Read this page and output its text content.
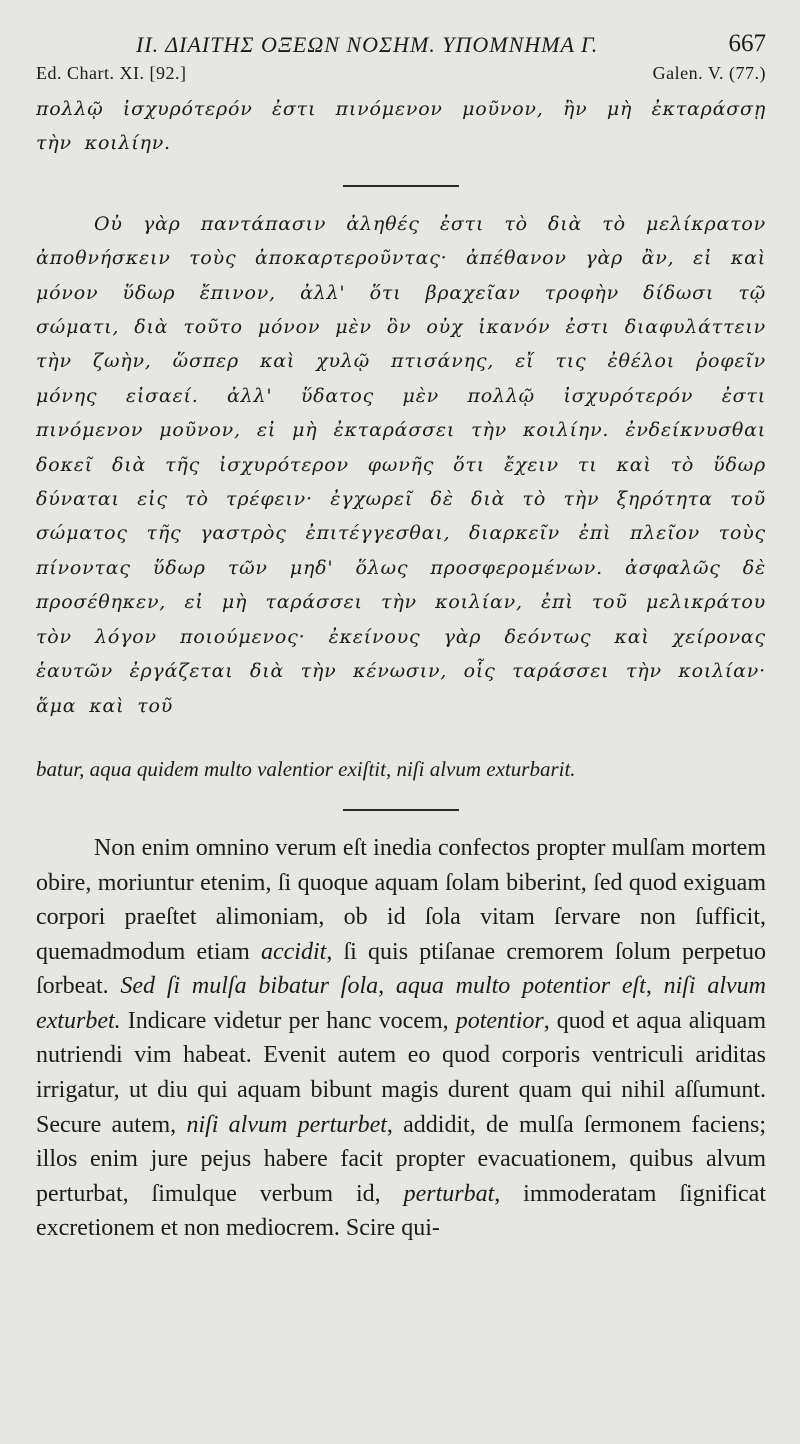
ΙΙ. ΔΙΑΙΤΗΣ ΟΞΕΩΝ ΝΟΣΗΜ. ΥΠΟΜΝΗΜΑ Γ.	667
Ed. Chart. XI. [92.]	Galen. V. (77.)

πολλῷ ἰσχυρότερόν ἐστι πινόμενον μοῦνον, ἢν μὴ ἐκταράσσῃ τὴν κοιλίην.

Οὐ γὰρ παντάπασιν ἀληθές ἐστι τὸ διὰ τὸ μελίκρατον ἀποθνήσκειν τοὺς ἀποκαρτεροῦντας· ἀπέθανον γὰρ ἂν, εἰ καὶ μόνον ὕδωρ ἔπινον, ἀλλ' ὅτι βραχεῖαν τροφὴν δίδωσι τῷ σώματι, διὰ τοῦτο μόνον μὲν ὃν οὐχ ἱκανόν ἐστι διαφυλάττειν τὴν ζωὴν, ὥσπερ καὶ χυλῷ πτισάνης, εἴ τις ἐθέλοι ῥοφεῖν μόνης εἰσαεί. ἀλλ' ὕδατος μὲν πολλῷ ἰσχυρότερόν ἐστι πινόμενον μοῦνον, εἰ μὴ ἐκταράσσει τὴν κοιλίην. ἐνδείκνυσθαι δοκεῖ διὰ τῆς ἰσχυρότερον φωνῆς ὅτι ἔχειν τι καὶ τὸ ὕδωρ δύναται εἰς τὸ τρέφειν· ἐγχωρεῖ δὲ διὰ τὸ τὴν ξηρότητα τοῦ σώματος τῆς γαστρὸς ἐπιτέγγεσθαι, διαρκεῖν ἐπὶ πλεῖον τοὺς πίνοντας ὕδωρ τῶν μηδ' ὅλως προσφερομένων. ἀσφαλῶς δὲ προσέθηκεν, εἰ μὴ ταράσσει τὴν κοιλίαν, ἐπὶ τοῦ μελικράτου τὸν λόγον ποιούμενος· ἐκείνους γὰρ δεόντως καὶ χείρονας ἑαυτῶν ἐργάζεται διὰ τὴν κένωσιν, οἷς ταράσσει τὴν κοιλίαν· ἅμα καὶ τοῦ

batur, aqua quidem multo valentior exiſtit, niſi alvum exturbarit.

Non enim omnino verum eſt inedia confectos propter mulſam mortem obire, moriuntur etenim, ſi quoque aquam ſolam biberint, ſed quod exiguam corpori praeſtet alimoniam, ob id ſola vitam ſervare non ſufficit, quemadmodum etiam accidit, ſi quis ptiſanae cremorem ſolum perpetuo ſorbeat. Sed ſi mulſa bibatur ſola, aqua multo potentior eſt, niſi alvum exturbet. Indicare videtur per hanc vocem, potentior, quod et aqua aliquam nutriendi vim habeat. Evenit autem eo quod corporis ventriculi ariditas irrigatur, ut diu qui aquam bibunt magis durent quam qui nihil aſſumunt. Secure autem, niſi alvum perturbet, addidit, de mulſa ſermonem faciens; illos enim jure pejus habere facit propter evacuationem, quibus alvum perturbat, ſimulque verbum id, perturbat, immoderatam ſignificat excretionem et non mediocrem. Scire qui-
